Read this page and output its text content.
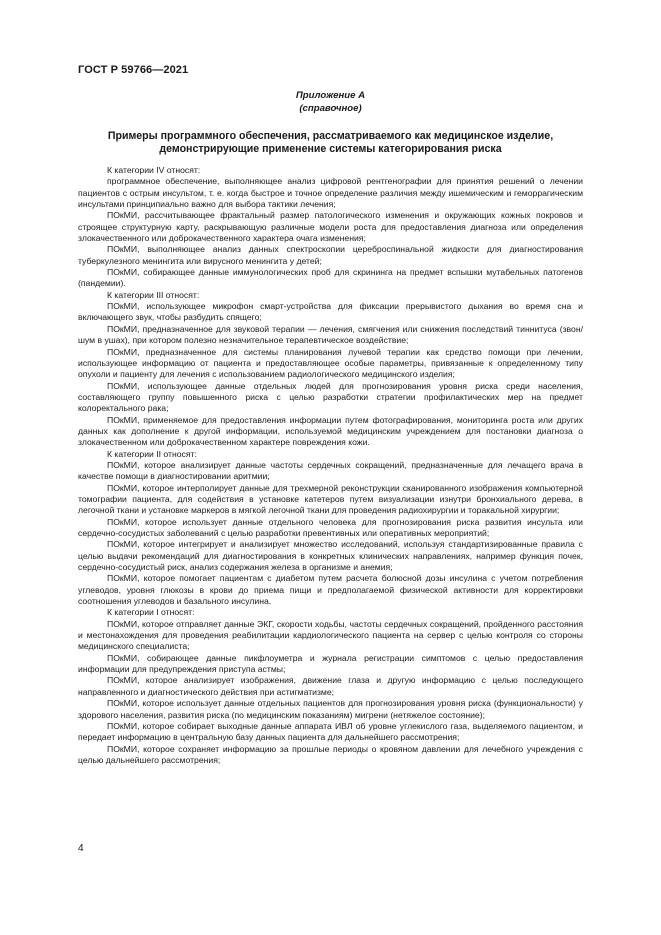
ГОСТ Р 59766—2021
Приложение А
(справочное)
Примеры программного обеспечения, рассматриваемого как медицинское изделие,
демонстрирующие применение системы категорирования риска

К категории IV относят:

программное обеспечение, выполняющее анализ цифровой рентгенографии для принятия решений о лечении пациентов с острым инсультом, т. е. когда быстрое и точное определение различия между ишемическим и геморрагическим инсультами принципиально важно для выбора тактики лечения;

ПОкМИ, рассчитывающее фрактальный размер патологического изменения и окружающих кожных покровов и строящее структурную карту, раскрывающую различные модели роста для предоставления диагноза или определения злокачественного или доброкачественного характера очага изменения;

ПОкМИ, выполняющее анализ данных спектроскопии цереброспинальной жидкости для диагностирования туберкулезного менингита или вирусного менингита у детей;

ПОкМИ, собирающее данные иммунологических проб для скрининга на предмет вспышки мутабельных патогенов (пандемии).

К категории III относят:

ПОкМИ, использующее микрофон смарт-устройства для фиксации прерывистого дыхания во время сна и включающего звук, чтобы разбудить спящего;

ПОкМИ, предназначенное для звуковой терапии — лечения, смягчения или снижения последствий тиннитуса (звон/шум в ушах), при котором полезно незначительное терапевтическое воздействие;

ПОкМИ, предназначенное для системы планирования лучевой терапии как средство помощи при лечении, использующее информацию от пациента и предоставляющее особые параметры, привязанные к определенному типу опухоли и пациенту для лечения с использованием радиологического медицинского изделия;

ПОкМИ, использующее данные отдельных людей для прогнозирования уровня риска среди населения, составляющего группу повышенного риска с целью разработки стратегии профилактических мер на предмет колоректального рака;

ПОкМИ, применяемое для предоставления информации путем фотографирования, мониторинга роста или других данных как дополнение к другой информации, используемой медицинским учреждением для постановки диагноза о злокачественном или доброкачественном характере повреждения кожи.

К категории II относят:

ПОкМИ, которое анализирует данные частоты сердечных сокращений, предназначенные для лечащего врача в качестве помощи в диагностировании аритмии;

ПОкМИ, которое интерполирует данные для трехмерной реконструкции сканированного изображения компьютерной томографии пациента, для содействия в установке катетеров путем визуализации изнутри бронхиального дерева, в легочной ткани и установке маркеров в мягкой легочной ткани для проведения радиохирургии и торакальной хирургии;

ПОкМИ, которое использует данные отдельного человека для прогнозирования риска развития инсульта или сердечно-сосудистых заболеваний с целью разработки превентивных или оперативных мероприятий;

ПОкМИ, которое интегрирует и анализирует множество исследований, используя стандартизированные правила с целью выдачи рекомендаций для диагностирования в конкретных клинических направлениях, например функция почек, сердечно-сосудистый риск, анализ содержания железа в организме и анемия;

ПОкМИ, которое помогает пациентам с диабетом путем расчета болюсной дозы инсулина с учетом потребления углеводов, уровня глюкозы в крови до приема пищи и предполагаемой физической активности для корректировки соотношения углеводов и базального инсулина.

К категории I относят:

ПОкМИ, которое отправляет данные ЭКГ, скорости ходьбы, частоты сердечных сокращений, пройденного расстояния и местонахождения для проведения реабилитации кардиологического пациента на сервер с целью контроля со стороны медицинского специалиста;

ПОкМИ, собирающее данные пикфлоуметра и журнала регистрации симптомов с целью предоставления информации для предупреждения приступа астмы;

ПОкМИ, которое анализирует изображения, движение глаза и другую информацию с целью последующего направленного и диагностического действия при астигматизме;

ПОкМИ, которое использует данные отдельных пациентов для прогнозирования уровня риска (функциональности) у здорового населения, развития риска (по медицинским показаниям) мигрени (нетяжелое состояние);

ПОкМИ, которое собирает выходные данные аппарата ИВЛ об уровне углекислого газа, выделяемого пациентом, и передает информацию в центральную базу данных пациента для дальнейшего рассмотрения;

ПОкМИ, которое сохраняет информацию за прошлые периоды о кровяном давлении для лечебного учреждения с целью дальнейшего рассмотрения;

4
